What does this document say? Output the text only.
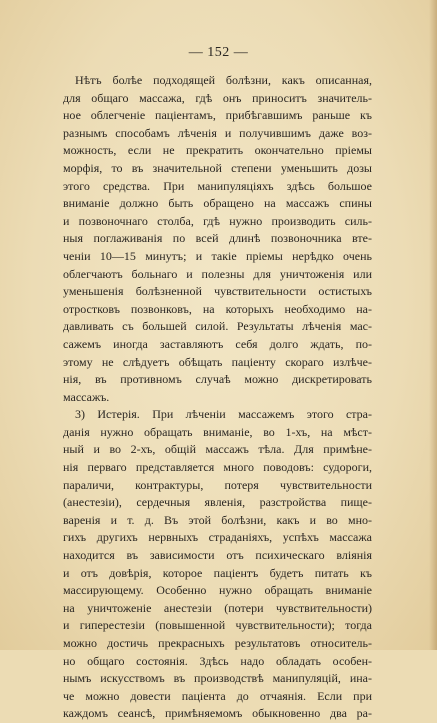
— 152 —
Нѣтъ болѣе подходящей болѣзни, какъ описанная,
для общаго массажа, гдѣ онъ приноситъ значитель-
ное облегченіе паціентамъ, прибѣгавшимъ раньше къ
разнымъ способамъ лѣченія и получившимъ даже воз-
можность, если не прекратить окончательно пріемы
морфія, то въ значительной степени уменьшить дозы
этого средства. При манипуляціяхъ здѣсь большое
вниманіе должно быть обращено на массажъ спины
и позвоночнаго столба, гдѣ нужно производить силь-
ныя поглаживанія по всей длинѣ позвоночника вте-
ченіи 10—15 минутъ; и такіе пріемы нерѣдко очень
облегчаютъ больнаго и полезны для уничтоженія или
уменьшенія болѣзненной чувствительности остистыхъ
отростковъ позвонковъ, на которыхъ необходимо на-
давливать съ большей силой. Результаты лѣченія мас-
сажемъ иногда заставляютъ себя долго ждать, по-
этому не слѣдуетъ обѣщать паціенту скораго излѣче-
нія, въ противномъ случаѣ можно дискретировать
массажъ.
3) Истерія. При лѣченіи массажемъ этого стра-
данія нужно обращать вниманіе, во 1-хъ, на мѣст-
ный и во 2-хъ, общій массажъ тѣла. Для примѣне-
нія перваго представляется много поводовъ: судороги,
параличи, контрактуры, потеря чувствительности
(анестезіи), сердечныя явленія, разстройства пище-
варенія и т. д. Въ этой болѣзни, какъ и во мно-
гихъ другихъ нервныхъ страданіяхъ, успѣхъ массажа
находится въ зависимости отъ психическаго вліянія
и отъ довѣрія, которое паціентъ будетъ питать къ
массирующему. Особенно нужно обращать вниманіе
на уничтоженіе анестезіи (потери чувствительности)
и гиперестезіи (повышенной чувствительности); тогда
можно достичь прекрасныхъ результатовъ относитель-
но общаго состоянія. Здѣсь надо обладать особен-
нымъ искусствомъ въ производствѣ манипуляцій, ина-
че можно довести паціента до отчаянія. Если при
каждомъ сеансѣ, примѣняемомъ обыкновенно два ра-
